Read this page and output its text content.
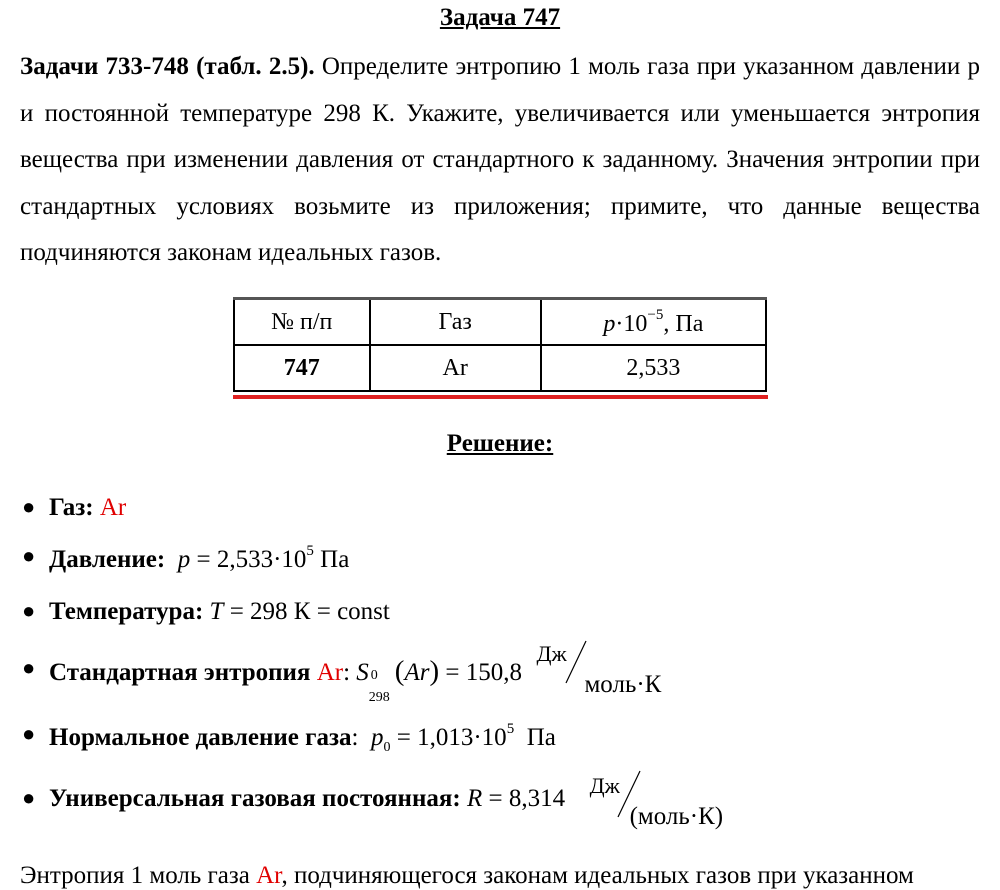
Задача 747
Задачи 733-748 (табл. 2.5). Определите энтропию 1 моль газа при указанном давлении р и постоянной температуре 298 К. Укажите, увеличивается или уменьшается энтропия вещества при изменении давления от стандартного к заданному. Значения энтропии при стандартных условиях возьмите из приложения; примите, что данные вещества подчиняются законам идеальных газов.
№ п/п	Газ	$p\cdot 10^{-5}$, Па
747	Ar	2,533
Решение:
● Газ: Ar
● Давление: $p = 2,533\cdot 10^5$ Па
● Температура: T = 298 К = const
● Стандартная энтропия Ar: S 0
298
(Ar) = 150,8
Дж
моль·К
● Нормальное давление газа: $p_0 = 1,013\cdot 10^5$ Па
● Универсальная газовая постоянная: R = 8,314 Дж
(моль·К)
Энтропия 1 моль газа Ar, подчиняющегося законам идеальных газов при указанном
